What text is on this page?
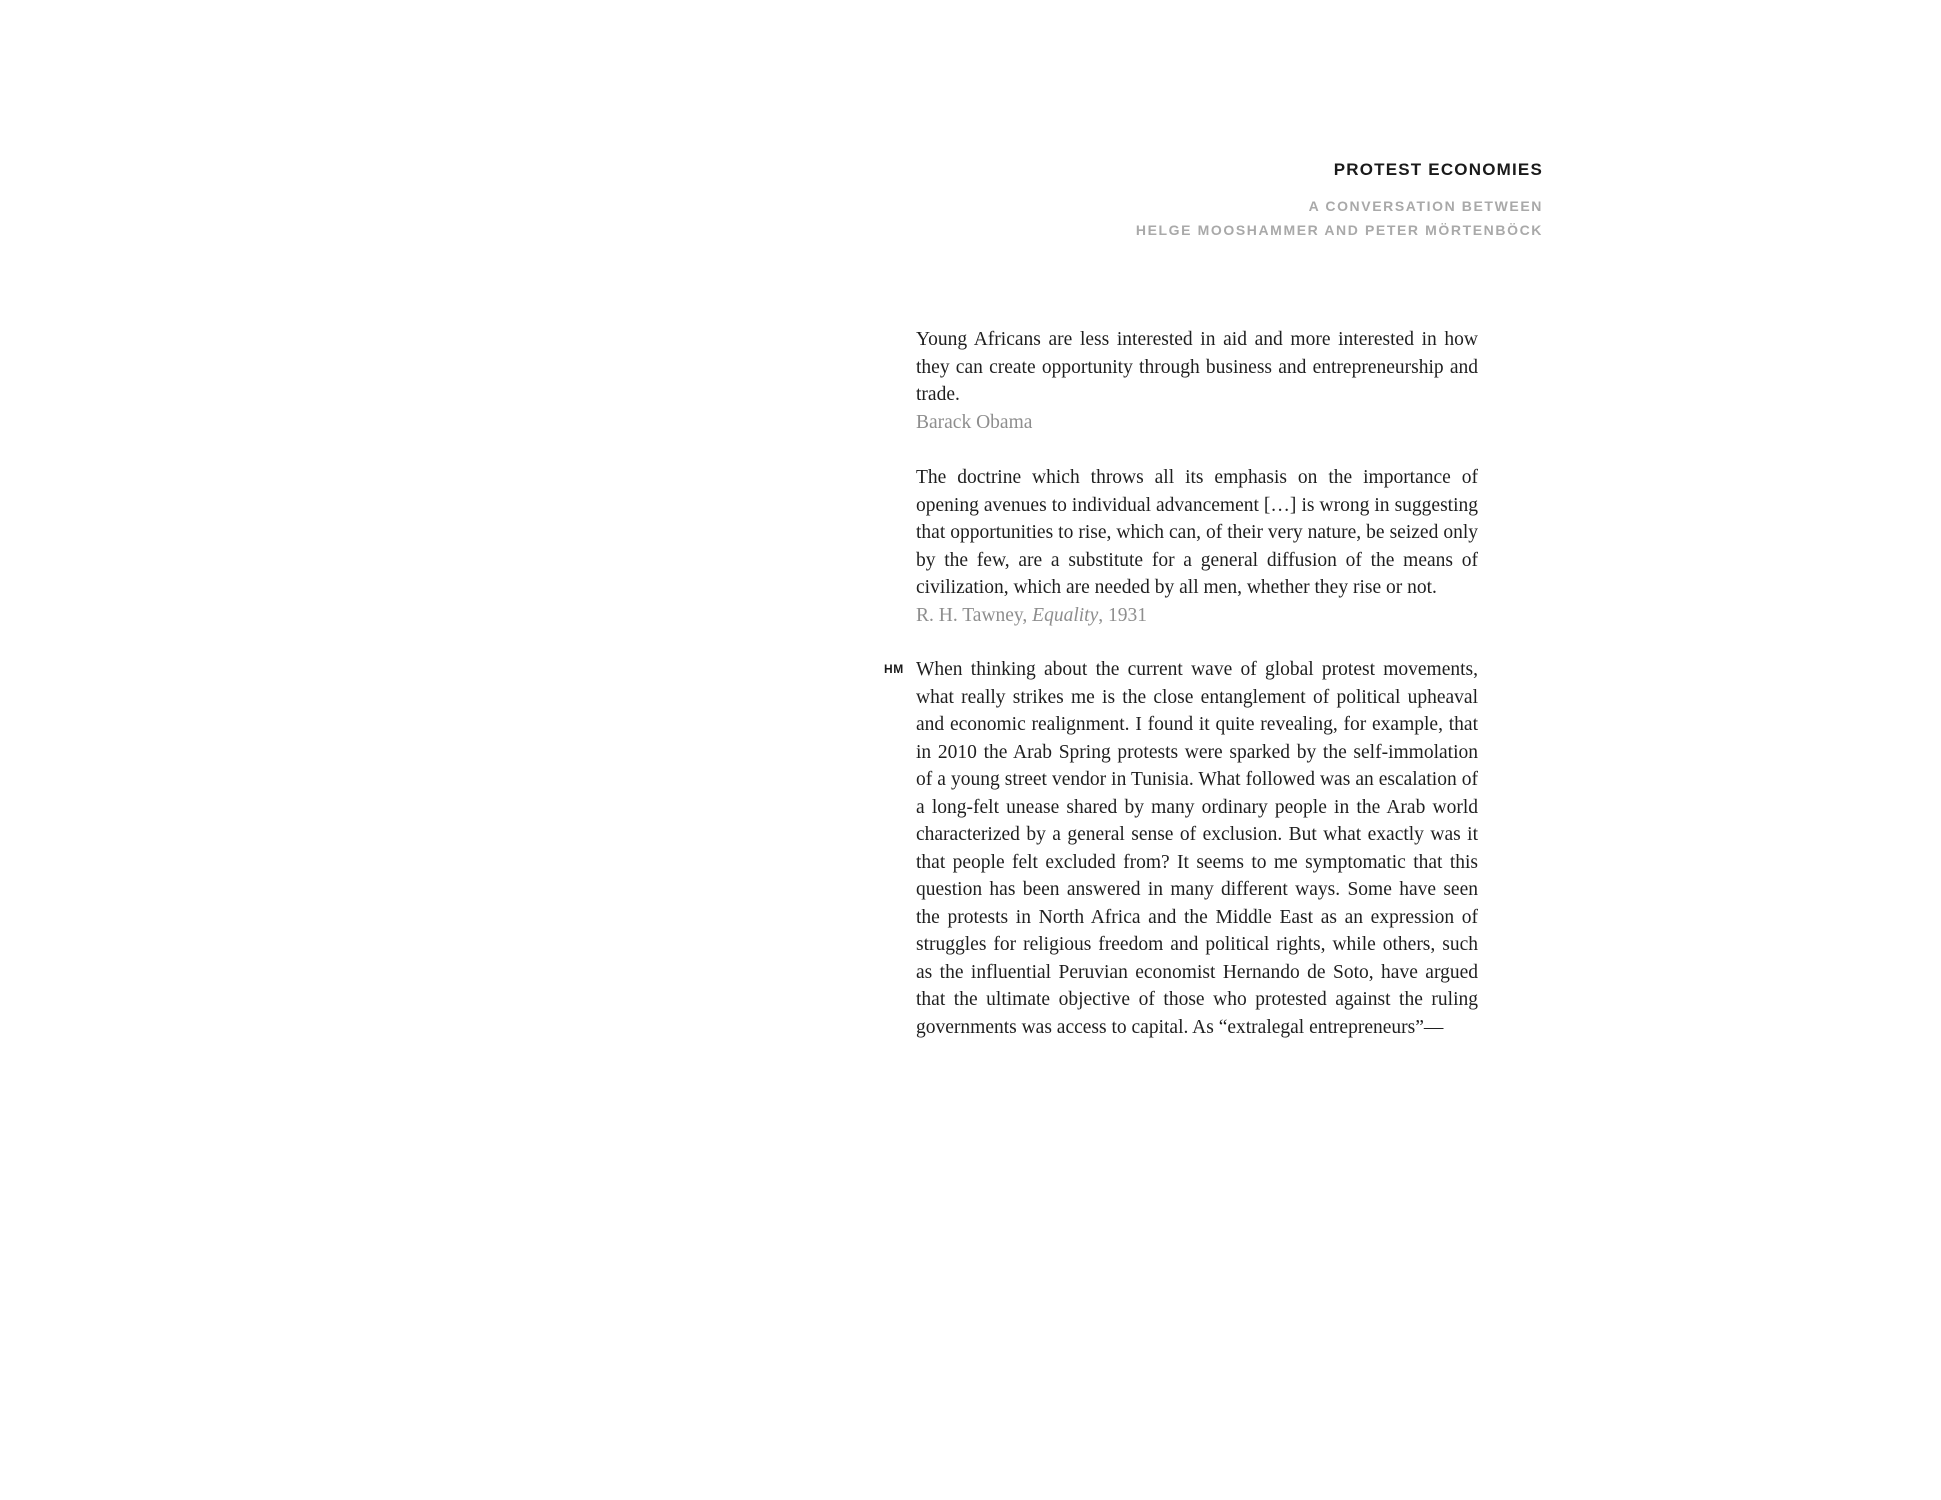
PROTEST ECONOMIES
A CONVERSATION BETWEEN
HELGE MOOSHAMMER AND PETER MÖRTENBÖCK

Young Africans are less interested in aid and more interested in how they can create opportunity through business and entrepreneurship and trade.

Barack Obama

The doctrine which throws all its emphasis on the importance of opening avenues to individual advancement […] is wrong in suggesting that opportunities to rise, which can, of their very nature, be seized only by the few, are a substitute for a general diffusion of the means of civilization, which are needed by all men, whether they rise or not.

R. H. Tawney, Equality, 1931

HM When thinking about the current wave of global protest movements, what really strikes me is the close entanglement of political upheaval and economic realignment. I found it quite revealing, for example, that in 2010 the Arab Spring protests were sparked by the self-immolation of a young street vendor in Tunisia. What followed was an escalation of a long-felt unease shared by many ordinary people in the Arab world characterized by a general sense of exclusion. But what exactly was it that people felt excluded from? It seems to me symptomatic that this question has been answered in many different ways. Some have seen the protests in North Africa and the Middle East as an expression of struggles for religious freedom and political rights, while others, such as the influential Peruvian economist Hernando de Soto, have argued that the ultimate objective of those who protested against the ruling governments was access to capital. As “extralegal entrepreneurs”—
